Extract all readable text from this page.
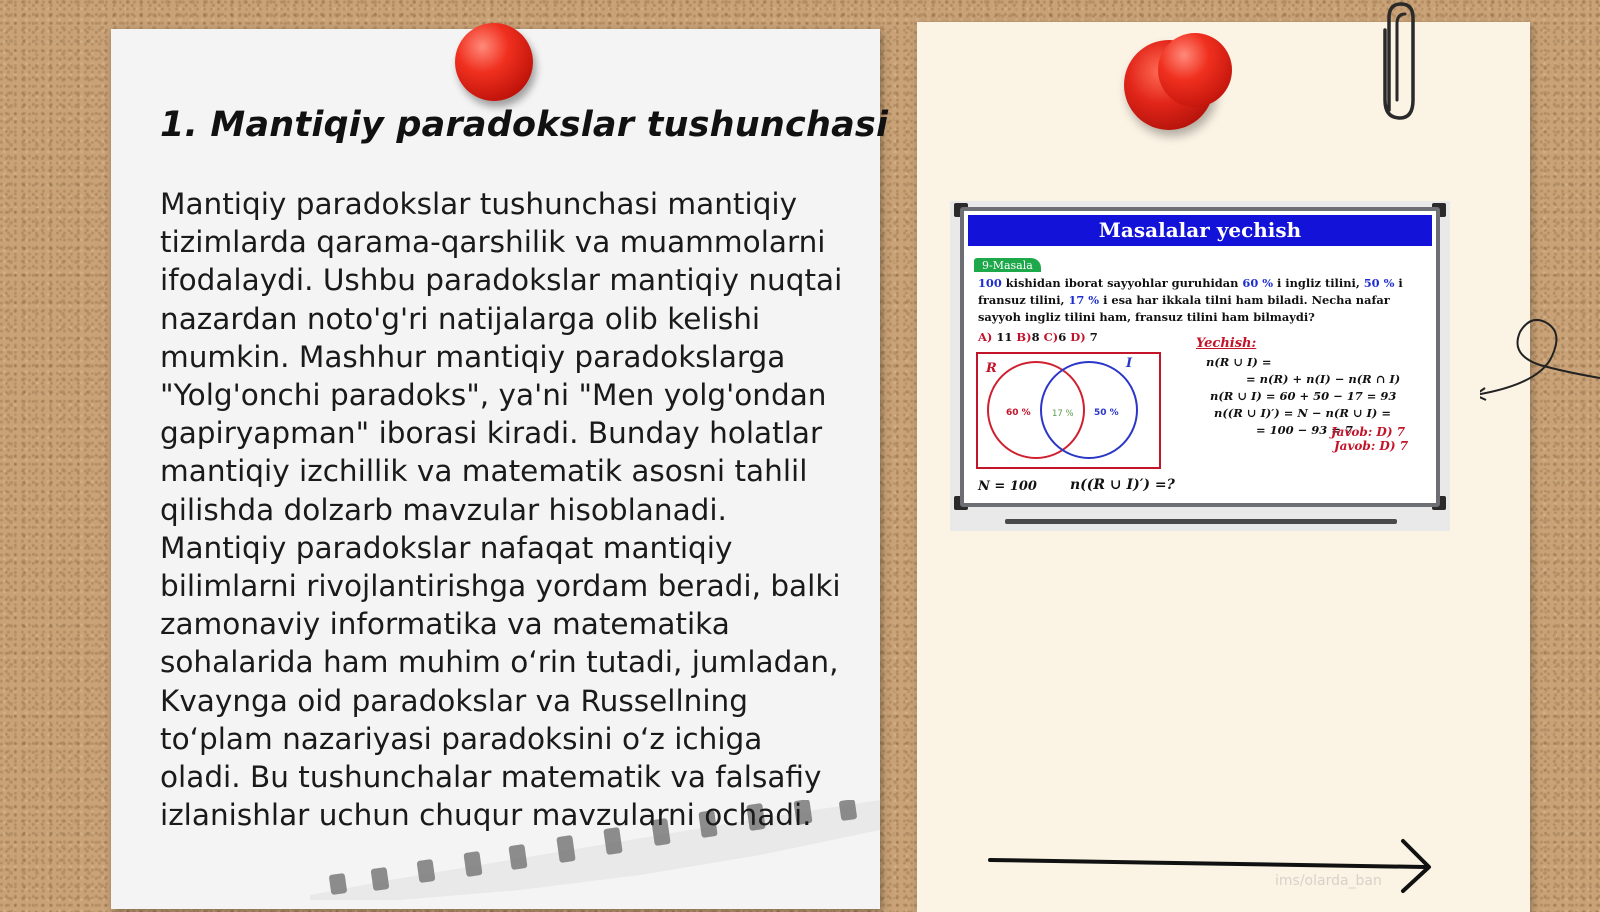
1. Mantiqiy paradokslar tushunchasi

Mantiqiy paradokslar tushunchasi mantiqiy tizimlarda qarama-qarshilik va muammolarni ifodalaydi. Ushbu paradokslar mantiqiy nuqtai nazardan noto'g'ri natijalarga olib kelishi mumkin. Mashhur mantiqiy paradokslarga "Yolg'onchi paradoks", ya'ni "Men yolg'ondan gapiryapman" iborasi kiradi. Bunday holatlar mantiqiy izchillik va matematik asosni tahlil qilishda dolzarb mavzular hisoblanadi. Mantiqiy paradokslar nafaqat mantiqiy bilimlarni rivojlantirishga yordam beradi, balki zamonaviy informatika va matematika sohalarida ham muhim o‘rin tutadi, jumladan, Kvaynga oid paradokslar va Russellning to‘plam nazariyasi paradoksini o‘z ichiga oladi. Bu tushunchalar matematik va falsafiy izlanishlar uchun chuqur mavzularni ochadi.

Masalalar yechish
9-Masala

100 kishidan iborat sayyohlar guruhidan 60 % i ingliz tilini, 50 % i fransuz tilini, 17 % i esa har ikkala tilni ham biladi. Necha nafar sayyoh ingliz tilini ham, fransuz tilini ham bilmaydi?

A) 11 B)8 C)6 D) 7

R	I
60 %	17 % 50 %

Yechish:

n(R ∪ I) =

= n(R) + n(I) − n(R ∩ I)

n(R ∪ I) = 60 + 50 − 17 = 93

n((R ∪ I)′) = N − n(R ∪ I) =

= 100 − 93 = 7

Javob: D) 7

Javob: D) 7

N = 100 n((R ∪ I)′) =?

ims/olarda_ban
